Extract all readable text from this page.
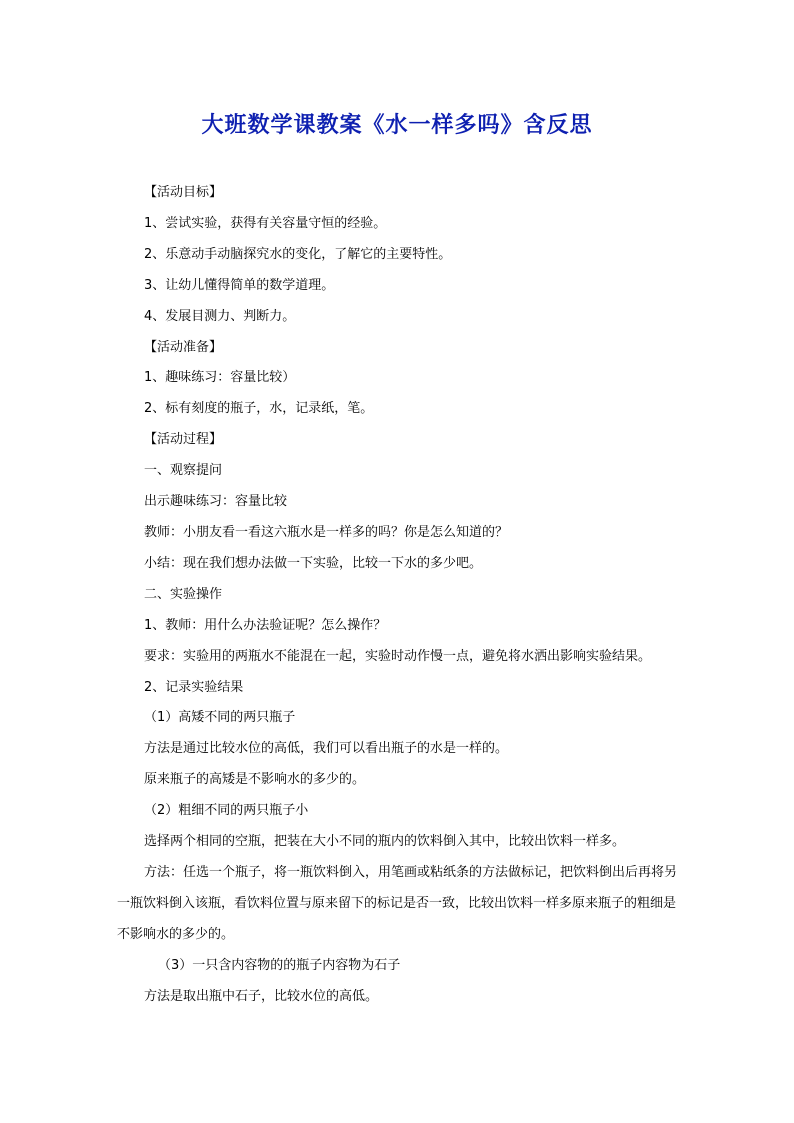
大班数学课教案《水一样多吗》含反思

【活动目标】

1、尝试实验，获得有关容量守恒的经验。

2、乐意动手动脑探究水的变化，了解它的主要特性。

3、让幼儿懂得简单的数学道理。

4、发展目测力、判断力。

【活动准备】

1、趣味练习：容量比较）

2、标有刻度的瓶子，水，记录纸，笔。

【活动过程】

一、观察提问

出示趣味练习：容量比较

教师：小朋友看一看这六瓶水是一样多的吗？你是怎么知道的？

小结：现在我们想办法做一下实验，比较一下水的多少吧。

二、实验操作

1、教师：用什么办法验证呢？怎么操作？

要求：实验用的两瓶水不能混在一起，实验时动作慢一点，避免将水洒出影响实验结果。

2、记录实验结果

（1）高矮不同的两只瓶子

方法是通过比较水位的高低，我们可以看出瓶子的水是一样的。

原来瓶子的高矮是不影响水的多少的。

（2）粗细不同的两只瓶子小

选择两个相同的空瓶，把装在大小不同的瓶内的饮料倒入其中，比较出饮料一样多。

方法：任选一个瓶子，将一瓶饮料倒入，用笔画或粘纸条的方法做标记，把饮料倒出后再将另一瓶饮料倒入该瓶，看饮料位置与原来留下的标记是否一致，比较出饮料一样多原来瓶子的粗细是不影响水的多少的。

（3）一只含内容物的的瓶子内容物为石子

方法是取出瓶中石子，比较水位的高低。
